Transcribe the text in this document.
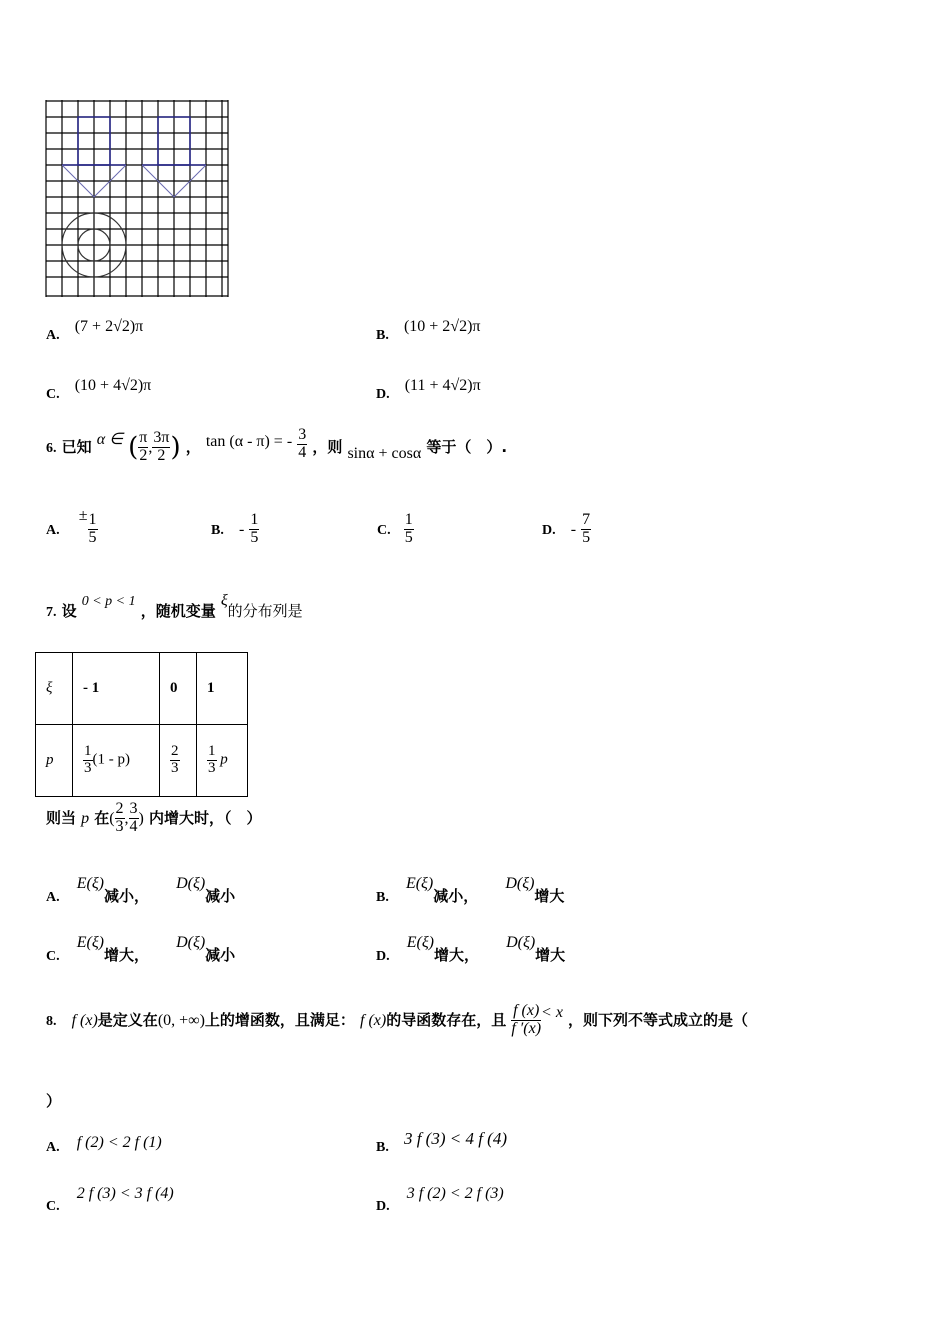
A. (7 + 2√2)π
B. (10 + 2√2)π
C. (10 + 4√2)π
D. (11 + 4√2)π
6. 已知 α ∈ ( $\frac{\pi}{2}$ , $\frac{3\pi}{2}$ ) ， tan (α - π) = - $\frac{3}{4}$ ，则 sinα + cosα 等于（　）.
A. ± $\frac{1}{5}$	B. - $\frac{1}{5}$	C. $\frac{1}{5}$	D. - $\frac{7}{5}$
7. 设 0 < p < 1 ，随机变量 ξ的分布列是
ξ	- 1	0	1
p	$\frac{1}{3} (1 - p)$	$\frac{2}{3}$	$\frac{1}{3}$ p
则当 p 在( $\frac{2}{3}$ , $\frac{3}{4}$ ) 内增大时，（　）
A. E(ξ)减小， D(ξ)减小	B. E(ξ)减小， D(ξ)增大
C. E(ξ)增大， D(ξ)减小	D. E(ξ)增大， D(ξ)增大
8. f (x)是定义在(0, +∞)上的增函数，且满足： f (x)的导函数存在，且 $\frac{f (x)}{f '(x)} < x$ ，则下列不等式成立的是（
）
A. f (2) < 2 f (1)	B. 3 f (3) < 4 f (4)
C. 2 f (3) < 3 f (4)
D. 3 f (2) < 2 f (3)
